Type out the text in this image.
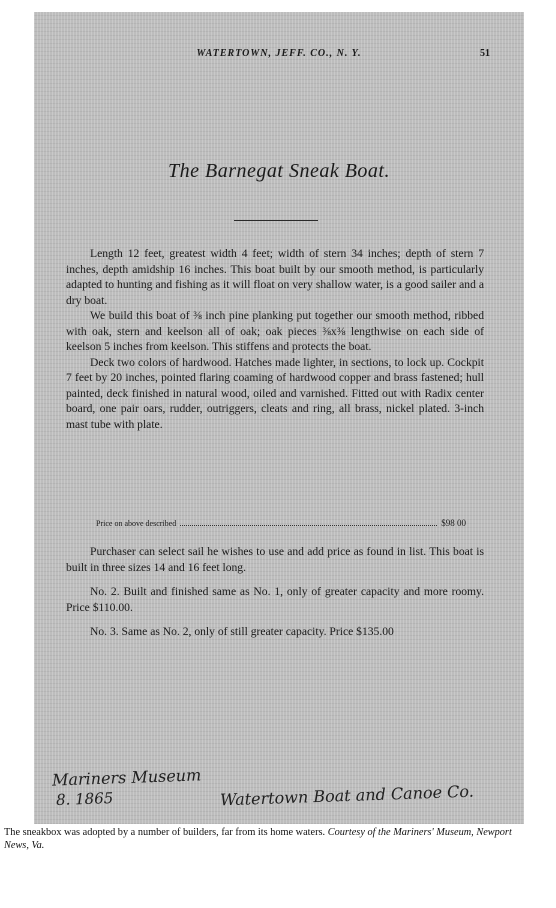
WATERTOWN, JEFF. CO., N. Y.	51
The Barnegat Sneak Boat.

Length 12 feet, greatest width 4 feet; width of stern 34 inches; depth of stern 7 inches, depth amidship 16 inches. This boat built by our smooth method, is particularly adapted to hunting and fishing as it will float on very shallow water, is a good sailer and a dry boat.

We build this boat of ⅜ inch pine planking put together our smooth method, ribbed with oak, stern and keelson all of oak; oak pieces ⅜x⅜ lengthwise on each side of keelson 5 inches from keelson. This stiffens and protects the boat.

Deck two colors of hardwood. Hatches made lighter, in sections, to lock up. Cockpit 7 feet by 20 inches, pointed flaring coaming of hardwood copper and brass fastened; hull painted, deck finished in natural wood, oiled and varnished. Fitted out with Radix center board, one pair oars, rudder, outriggers, cleats and ring, all brass, nickel plated. 3-inch mast tube with plate.

Price on above described	$98 00

Purchaser can select sail he wishes to use and add price as found in list. This boat is built in three sizes 14 and 16 feet long.

No. 2. Built and finished same as No. 1, only of greater capacity and more roomy. Price $110.00.

No. 3. Same as No. 2, only of still greater capacity. Price $135.00

Mariners Museum
8. 1865	Watertown Boat and Canoe Co.
The sneakbox was adopted by a number of builders, far from its home waters. Courtesy of the Mariners' Museum, Newport News, Va.
